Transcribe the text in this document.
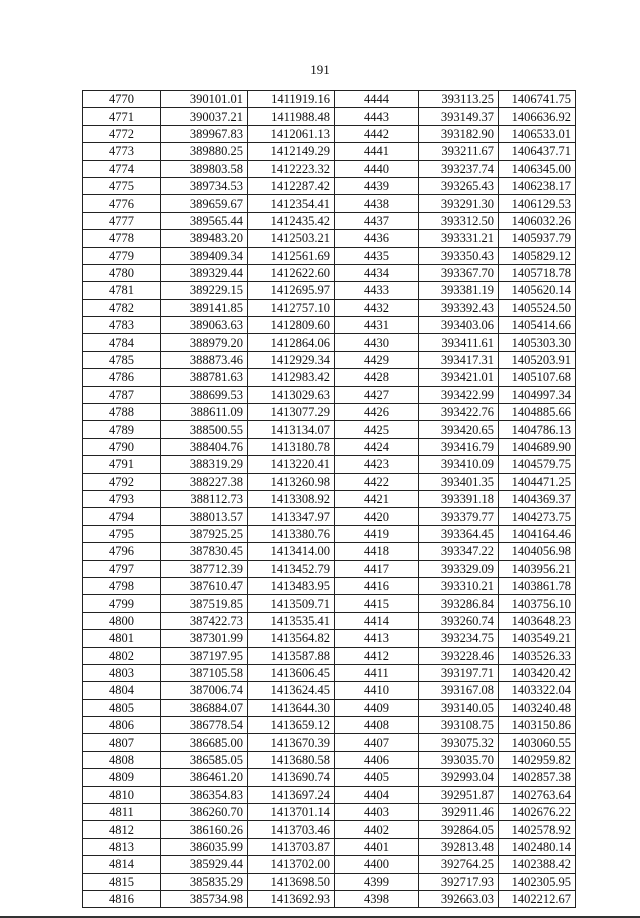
191
4770	390101.01	1411919.16	4444	393113.25	1406741.75
4771	390037.21	1411988.48	4443	393149.37	1406636.92
4772	389967.83	1412061.13	4442	393182.90	1406533.01
4773	389880.25	1412149.29	4441	393211.67	1406437.71
4774	389803.58	1412223.32	4440	393237.74	1406345.00
4775	389734.53	1412287.42	4439	393265.43	1406238.17
4776	389659.67	1412354.41	4438	393291.30	1406129.53
4777	389565.44	1412435.42	4437	393312.50	1406032.26
4778	389483.20	1412503.21	4436	393331.21	1405937.79
4779	389409.34	1412561.69	4435	393350.43	1405829.12
4780	389329.44	1412622.60	4434	393367.70	1405718.78
4781	389229.15	1412695.97	4433	393381.19	1405620.14
4782	389141.85	1412757.10	4432	393392.43	1405524.50
4783	389063.63	1412809.60	4431	393403.06	1405414.66
4784	388979.20	1412864.06	4430	393411.61	1405303.30
4785	388873.46	1412929.34	4429	393417.31	1405203.91
4786	388781.63	1412983.42	4428	393421.01	1405107.68
4787	388699.53	1413029.63	4427	393422.99	1404997.34
4788	388611.09	1413077.29	4426	393422.76	1404885.66
4789	388500.55	1413134.07	4425	393420.65	1404786.13
4790	388404.76	1413180.78	4424	393416.79	1404689.90
4791	388319.29	1413220.41	4423	393410.09	1404579.75
4792	388227.38	1413260.98	4422	393401.35	1404471.25
4793	388112.73	1413308.92	4421	393391.18	1404369.37
4794	388013.57	1413347.97	4420	393379.77	1404273.75
4795	387925.25	1413380.76	4419	393364.45	1404164.46
4796	387830.45	1413414.00	4418	393347.22	1404056.98
4797	387712.39	1413452.79	4417	393329.09	1403956.21
4798	387610.47	1413483.95	4416	393310.21	1403861.78
4799	387519.85	1413509.71	4415	393286.84	1403756.10
4800	387422.73	1413535.41	4414	393260.74	1403648.23
4801	387301.99	1413564.82	4413	393234.75	1403549.21
4802	387197.95	1413587.88	4412	393228.46	1403526.33
4803	387105.58	1413606.45	4411	393197.71	1403420.42
4804	387006.74	1413624.45	4410	393167.08	1403322.04
4805	386884.07	1413644.30	4409	393140.05	1403240.48
4806	386778.54	1413659.12	4408	393108.75	1403150.86
4807	386685.00	1413670.39	4407	393075.32	1403060.55
4808	386585.05	1413680.58	4406	393035.70	1402959.82
4809	386461.20	1413690.74	4405	392993.04	1402857.38
4810	386354.83	1413697.24	4404	392951.87	1402763.64
4811	386260.70	1413701.14	4403	392911.46	1402676.22
4812	386160.26	1413703.46	4402	392864.05	1402578.92
4813	386035.99	1413703.87	4401	392813.48	1402480.14
4814	385929.44	1413702.00	4400	392764.25	1402388.42
4815	385835.29	1413698.50	4399	392717.93	1402305.95
4816	385734.98	1413692.93	4398	392663.03	1402212.67
